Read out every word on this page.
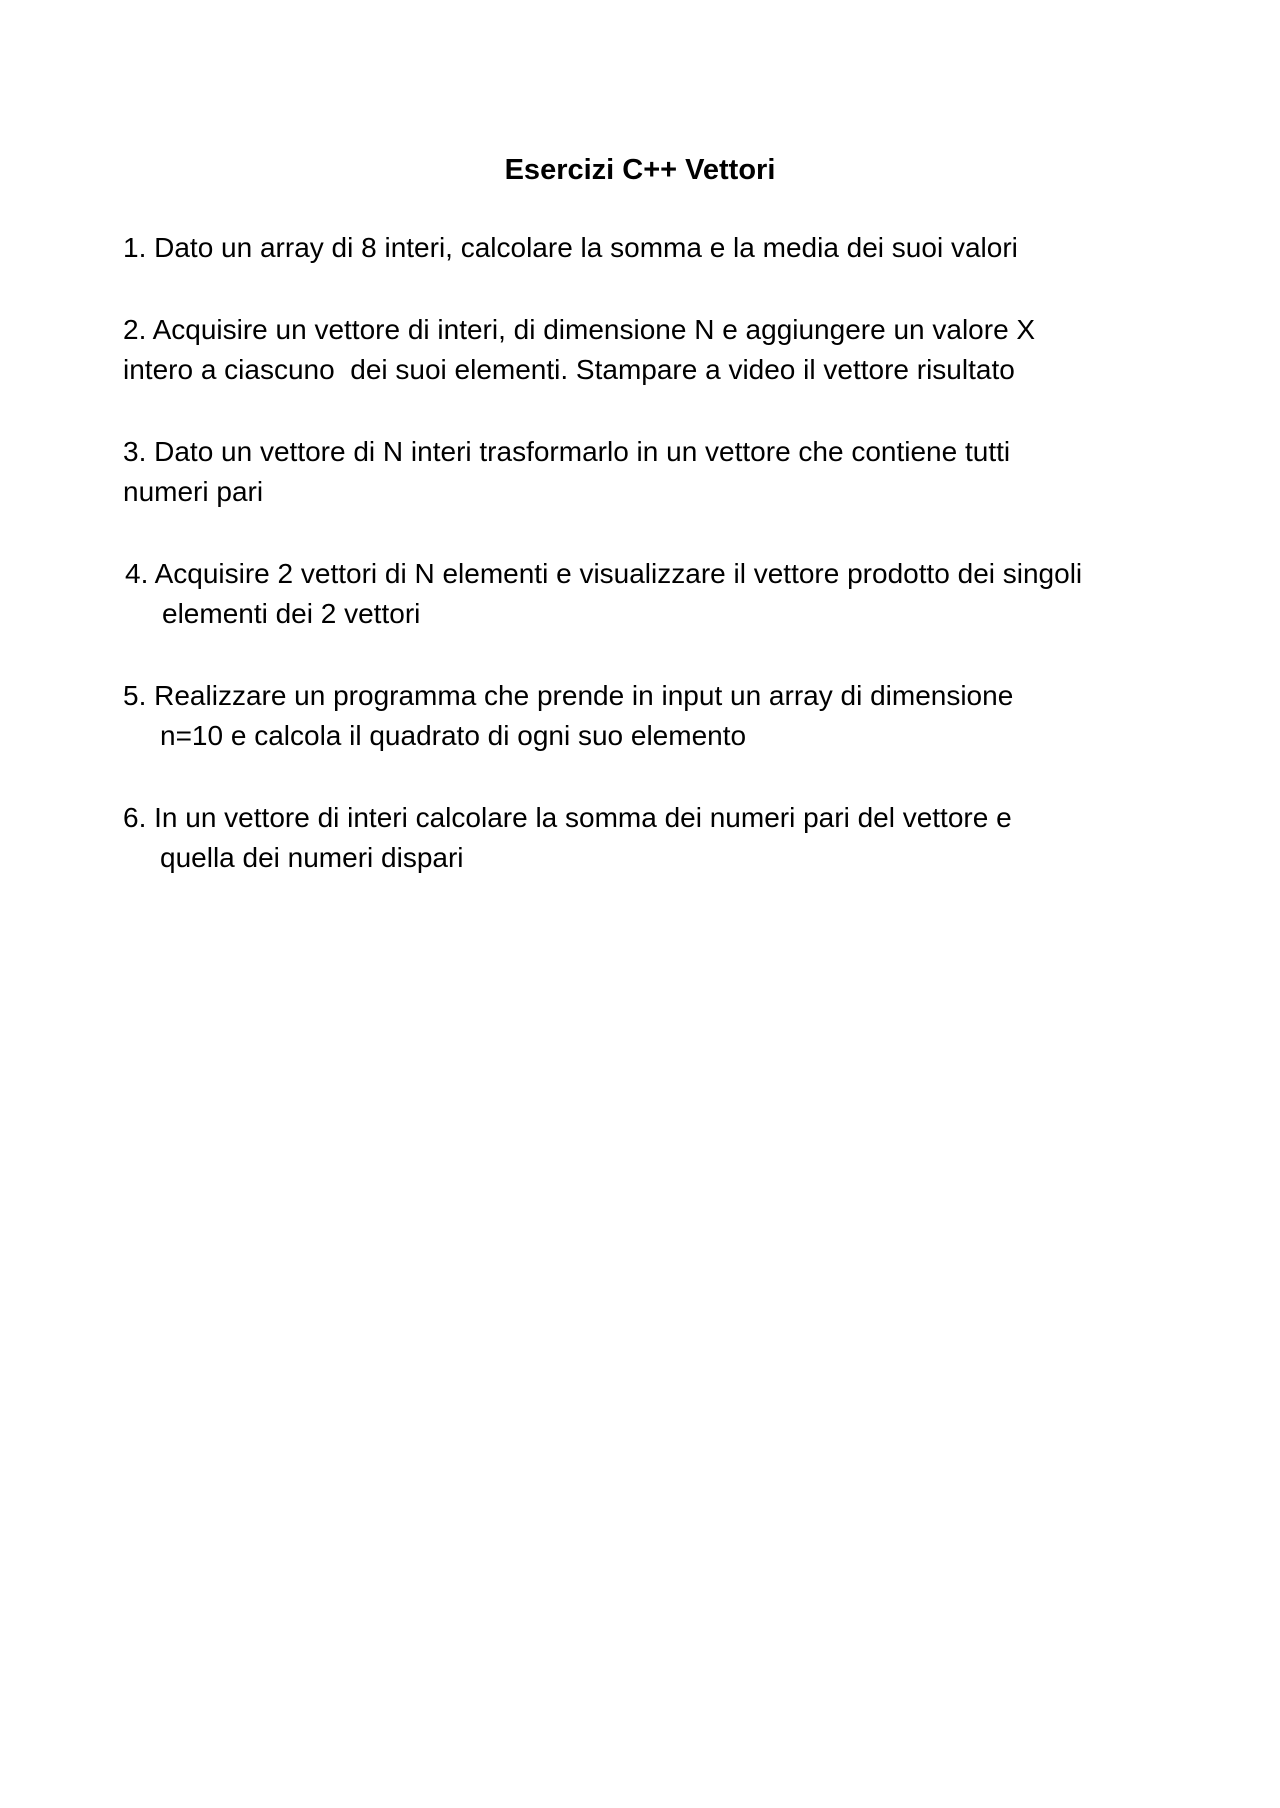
Esercizi C++ Vettori
1. Dato un array di 8 interi, calcolare la somma e la media dei suoi valori
2. Acquisire un vettore di interi, di dimensione N e aggiungere un valore X
intero a ciascuno  dei suoi elementi. Stampare a video il vettore risultato
3. Dato un vettore di N interi trasformarlo in un vettore che contiene tutti
numeri pari
4. Acquisire 2 vettori di N elementi e visualizzare il vettore prodotto dei singoli
elementi dei 2 vettori
5. Realizzare un programma che prende in input un array di dimensione
n=10 e calcola il quadrato di ogni suo elemento
6. In un vettore di interi calcolare la somma dei numeri pari del vettore e
quella dei numeri dispari
